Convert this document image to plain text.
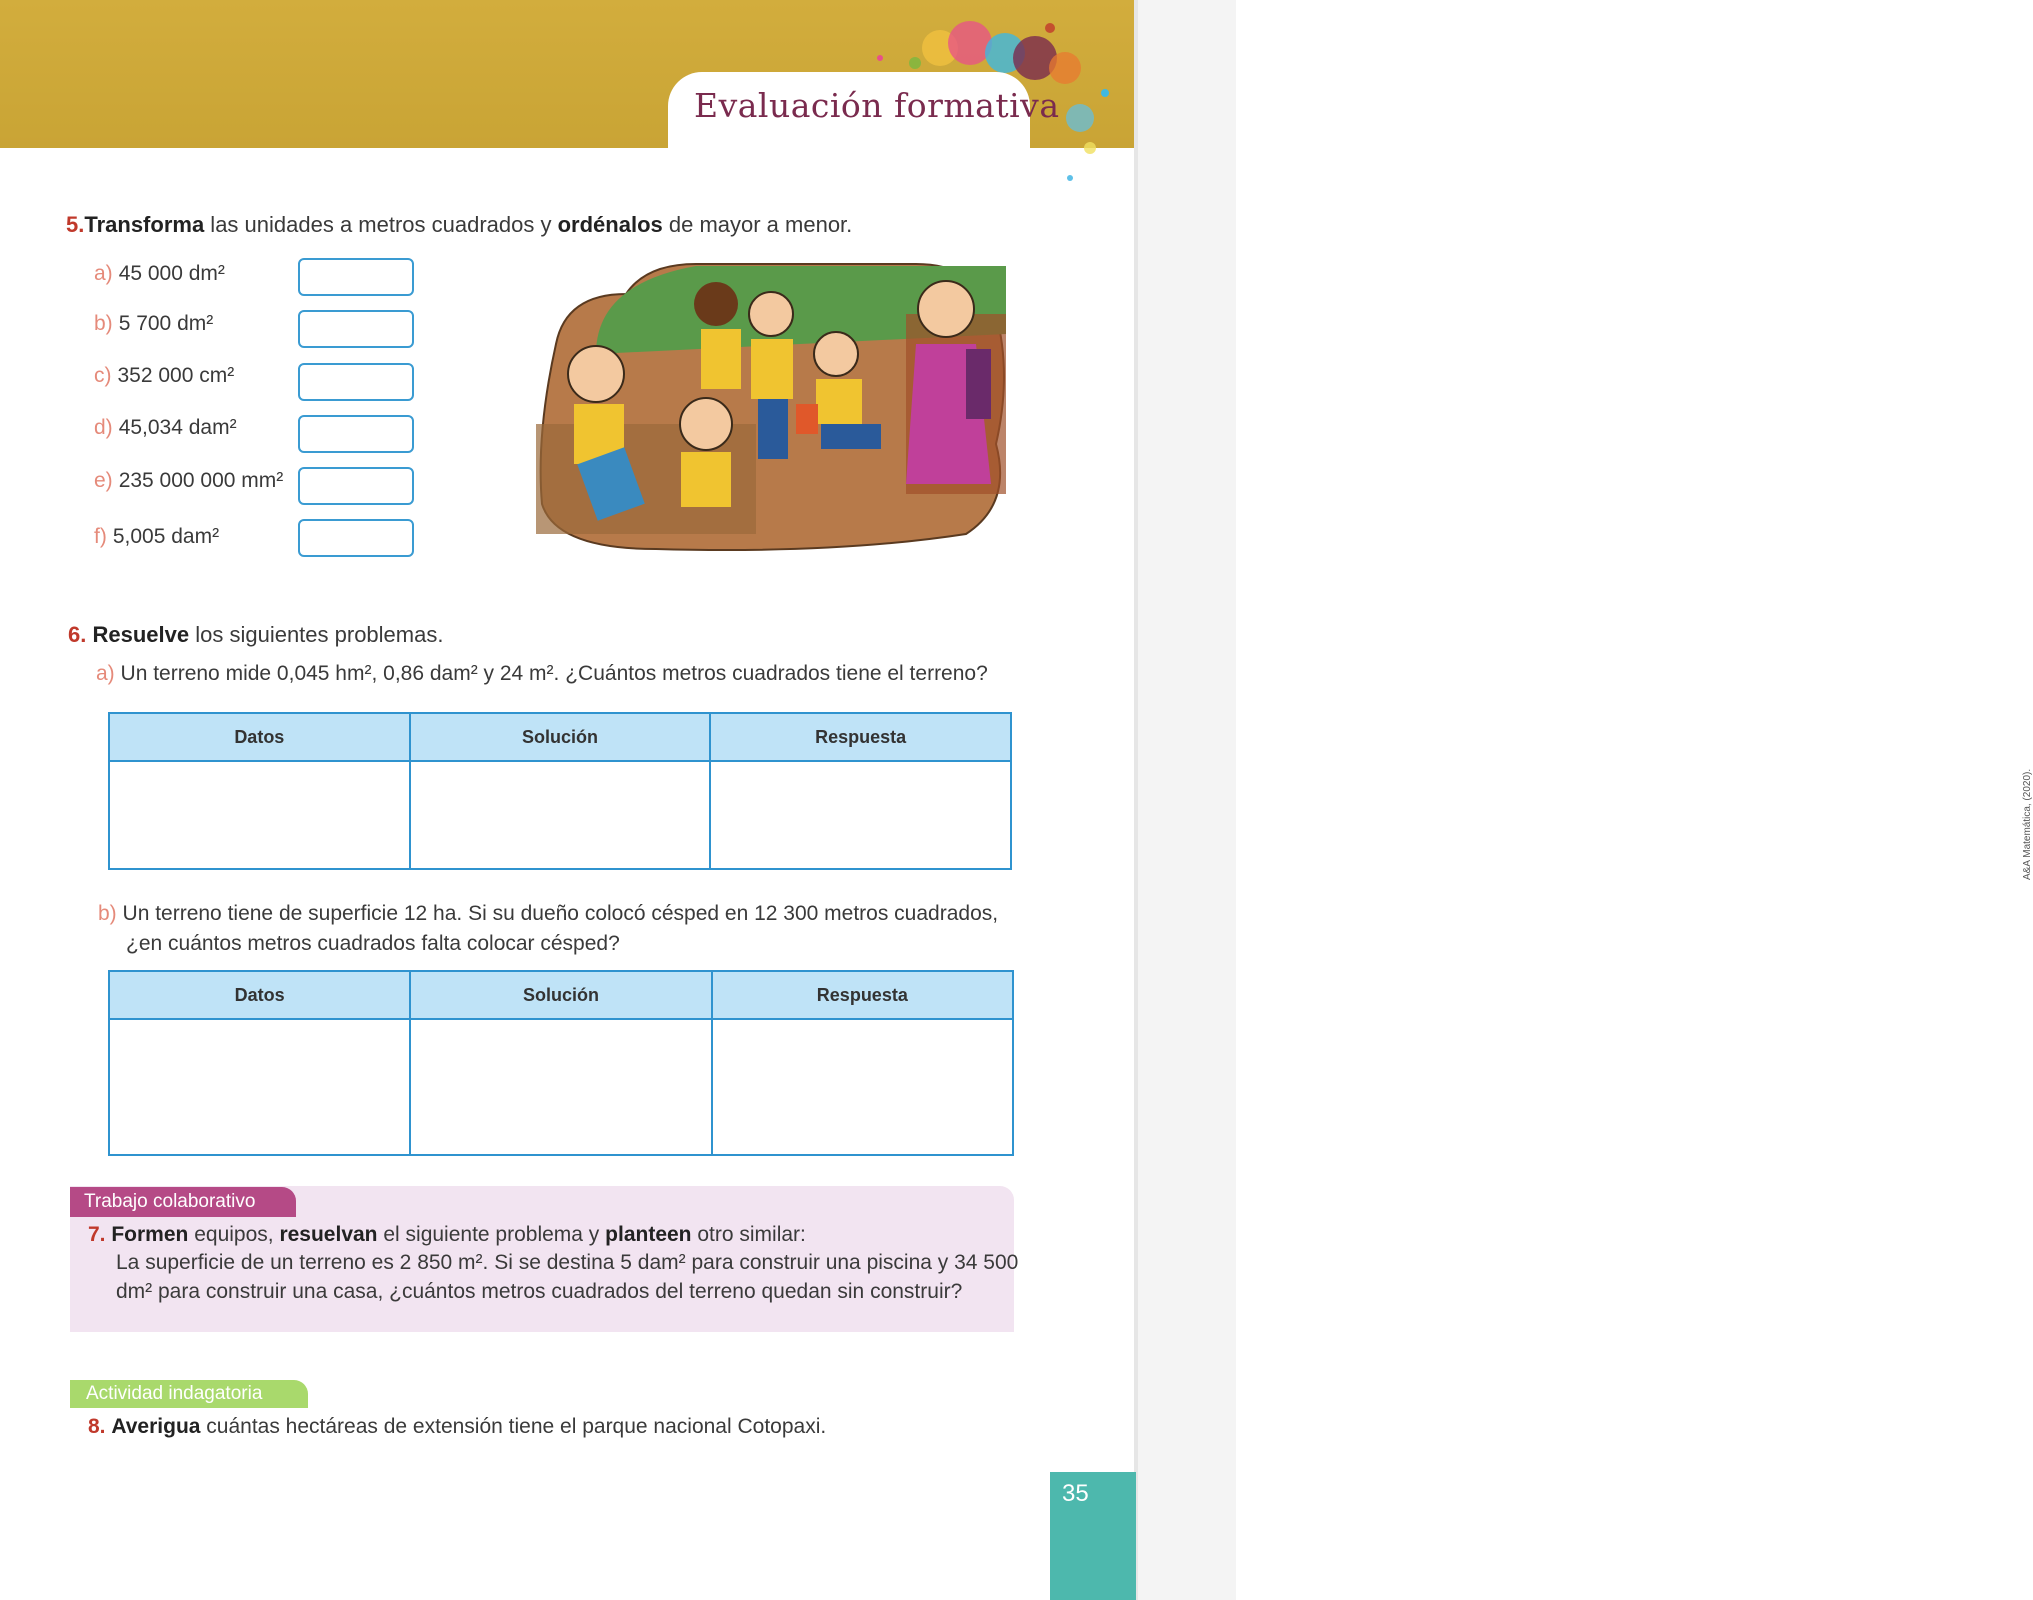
Evaluación formativa
5.Transforma las unidades a metros cuadrados y ordénalos de mayor a menor.
a) 45 000 dm²
b) 5 700 dm²
c) 352 000 cm²
d) 45,034 dam²
e) 235 000 000 mm²
f) 5,005 dam²
A&A Matemática, (2020).
6. Resuelve los siguientes problemas.
a) Un terreno mide 0,045 hm², 0,86 dam² y 24 m². ¿Cuántos metros cuadrados tiene el terreno?
Datos	Solución	Respuesta

b) Un terreno tiene de superficie 12 ha. Si su dueño colocó césped en 12 300 metros cuadrados,
¿en cuántos metros cuadrados falta colocar césped?
Datos	Solución	Respuesta

Trabajo colaborativo
7. Formen equipos, resuelvan el siguiente problema y planteen otro similar:
La superficie de un terreno es 2 850 m². Si se destina 5 dam² para construir una piscina y 34 500
dm² para construir una casa, ¿cuántos metros cuadrados del terreno quedan sin construir?
Actividad indagatoria
8. Averigua cuántas hectáreas de extensión tiene el parque nacional Cotopaxi.
35
